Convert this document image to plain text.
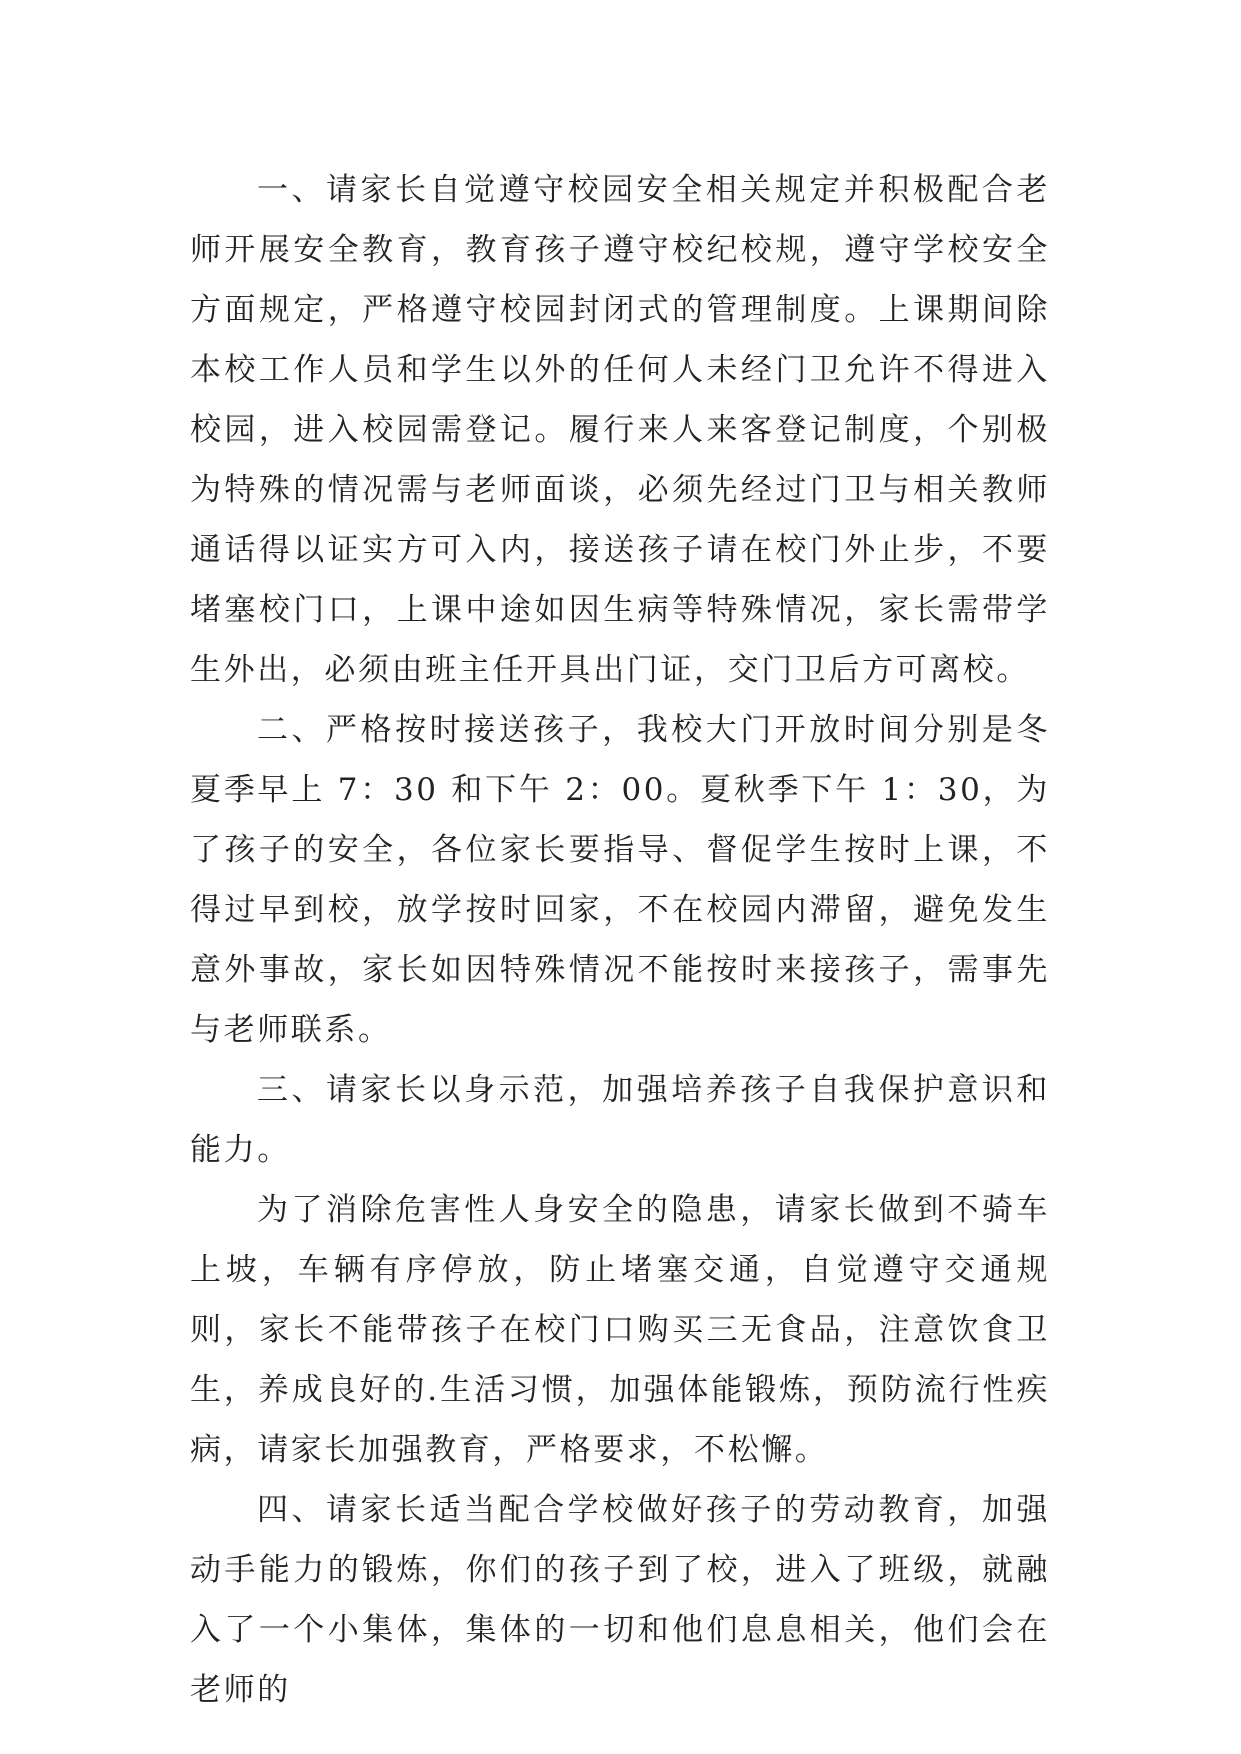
一、请家长自觉遵守校园安全相关规定并积极配合老师开展安全教育，教育孩子遵守校纪校规，遵守学校安全方面规定，严格遵守校园封闭式的管理制度。上课期间除本校工作人员和学生以外的任何人未经门卫允许不得进入校园，进入校园需登记。履行来人来客登记制度，个别极为特殊的情况需与老师面谈，必须先经过门卫与相关教师通话得以证实方可入内，接送孩子请在校门外止步，不要堵塞校门口，上课中途如因生病等特殊情况，家长需带学生外出，必须由班主任开具出门证，交门卫后方可离校。

二、严格按时接送孩子，我校大门开放时间分别是冬夏季早上 7：30 和下午 2：00。夏秋季下午 1：30，为了孩子的安全，各位家长要指导、督促学生按时上课，不得过早到校，放学按时回家，不在校园内滞留，避免发生意外事故，家长如因特殊情况不能按时来接孩子，需事先与老师联系。

三、请家长以身示范，加强培养孩子自我保护意识和能力。

为了消除危害性人身安全的隐患，请家长做到不骑车上坡，车辆有序停放，防止堵塞交通，自觉遵守交通规则，家长不能带孩子在校门口购买三无食品，注意饮食卫生，养成良好的.生活习惯，加强体能锻炼，预防流行性疾病，请家长加强教育，严格要求，不松懈。

四、请家长适当配合学校做好孩子的劳动教育，加强动手能力的锻炼，你们的孩子到了校，进入了班级，就融入了一个小集体，集体的一切和他们息息相关，他们会在老师的
